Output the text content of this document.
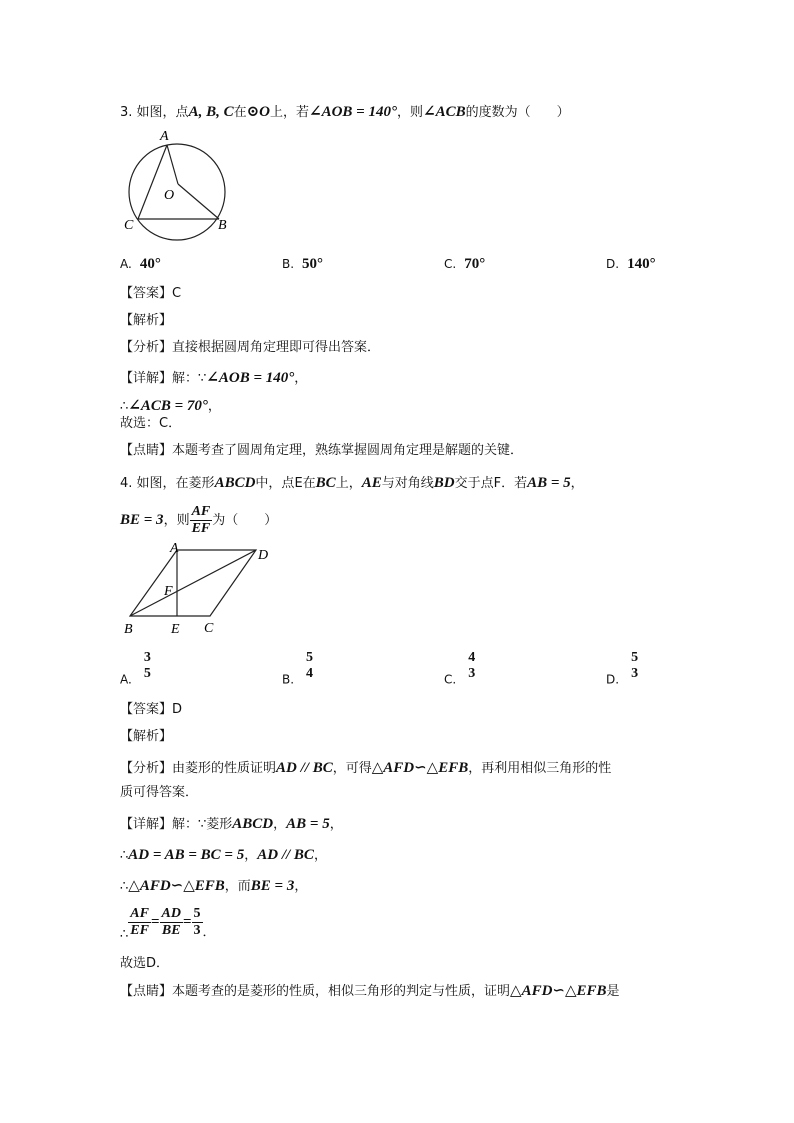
3. 如图，点A, B, C在⊙O上，若∠AOB = 140°，则∠ACB的度数为（　　）
A
O
C	B
A. 40°	B. 50°	C. 70°	D. 140°
【答案】C
【解析】
【分析】直接根据圆周角定理即可得出答案．
【详解】解：∵∠AOB = 140°，
∴∠ACB = 70°，
故选：C．
【点睛】本题考查了圆周角定理，熟练掌握圆周角定理是解题的关键．
4. 如图，在菱形ABCD中，点E在BC上，AE与对角线BD交于点F．若AB = 5，
BE = 3，则 $\frac{AF}{EF}$ 为（　　）
A	D
F
B	E C
A.
3
5	B.
5
4	C.
4
3	D.
5
3
【答案】D
【解析】
【分析】由菱形的性质证明AD // BC，可得△AFD∽△EFB，再利用相似三角形的性
质可得答案．
【详解】解：∵菱形ABCD，AB = 5，
∴AD = AB = BC = 5，AD // BC，
∴△AFD∽△EFB，而BE = 3，
∴ $\frac{AF}{EF} = \frac{AD}{BE} = \frac{5}{3}$ ．
故选D．
【点睛】本题考查的是菱形的性质，相似三角形的判定与性质，证明△AFD∽△EFB是
